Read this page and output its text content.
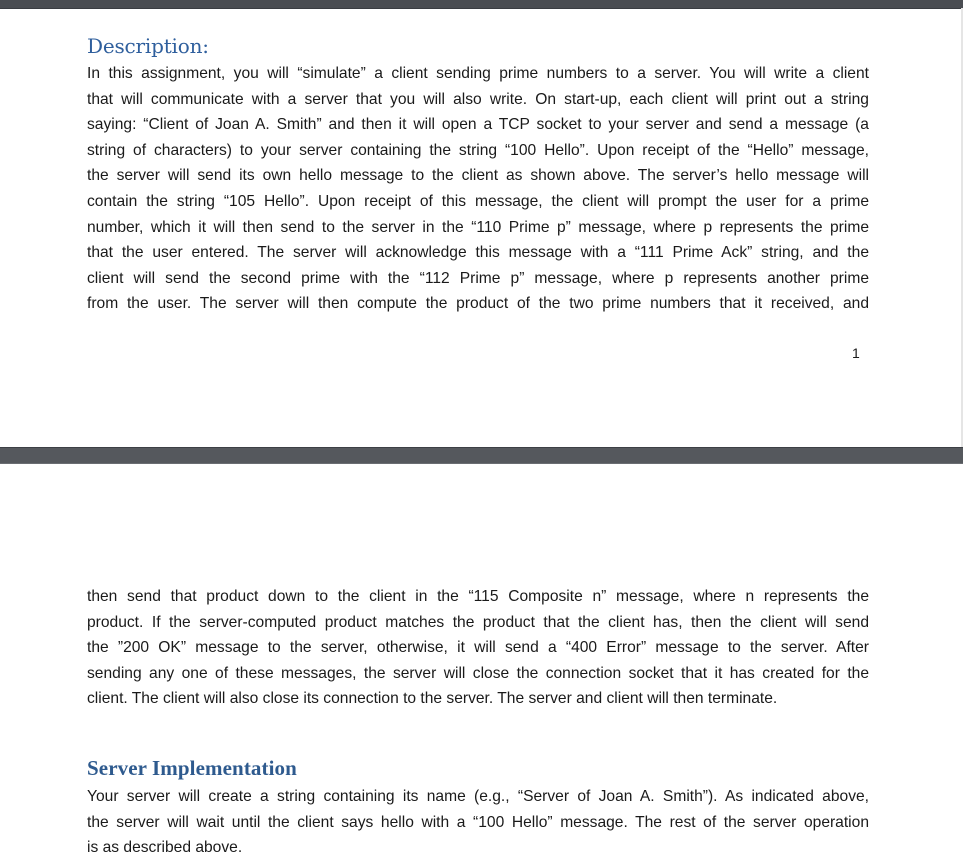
Description:
In this assignment, you will “simulate” a client sending prime numbers to a server. You will write a client
that will communicate with a server that you will also write. On start-up, each client will print out a string
saying: “Client of Joan A. Smith” and then it will open a TCP socket to your server and send a message (a
string of characters) to your server containing the string “100 Hello”. Upon receipt of the “Hello” message,
the server will send its own hello message to the client as shown above. The server’s hello message will
contain the string “105 Hello”. Upon receipt of this message, the client will prompt the user for a prime
number, which it will then send to the server in the “110 Prime p” message, where p represents the prime
that the user entered. The server will acknowledge this message with a “111 Prime Ack” string, and the
client will send the second prime with the “112 Prime p” message, where p represents another prime
from the user. The server will then compute the product of the two prime numbers that it received, and

1

then send that product down to the client in the “115 Composite n” message, where n represents the
product. If the server-computed product matches the product that the client has, then the client will send
the ”200 OK” message to the server, otherwise, it will send a “400 Error” message to the server. After
sending any one of these messages, the server will close the connection socket that it has created for the
client. The client will also close its connection to the server. The server and client will then terminate.
Server Implementation
Your server will create a string containing its name (e.g., “Server of Joan A. Smith”). As indicated above,
the server will wait until the client says hello with a “100 Hello” message. The rest of the server operation
is as described above.
